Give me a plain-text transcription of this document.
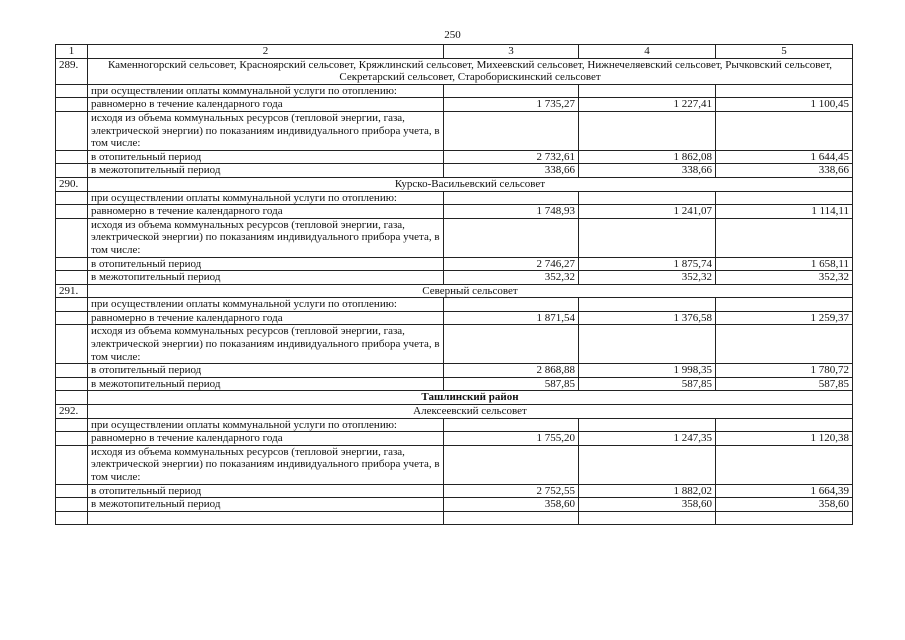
250
1	2	3	4	5
289.	Каменногорский сельсовет, Красноярский сельсовет, Кряжлинский сельсовет, Михеевский сельсовет, Нижнечеляевский сельсовет, Рычковский сельсовет, Секретарский сельсовет, Староборискинский сельсовет			
	при осуществлении оплаты коммунальной услуги по отоплению:			
	равномерно в течение календарного года	1 735,27	1 227,41	1 100,45
	исходя из объема коммунальных ресурсов (тепловой энергии, газа, электрической энергии) по показаниям индивидуального прибора учета, в том числе:			
	в отопительный период	2 732,61	1 862,08	1 644,45
	в межотопительный период	338,66	338,66	338,66
290.	Курско-Васильевский сельсовет			
	при осуществлении оплаты коммунальной услуги по отоплению:			
	равномерно в течение календарного года	1 748,93	1 241,07	1 114,11
	исходя из объема коммунальных ресурсов (тепловой энергии, газа, электрической энергии) по показаниям индивидуального прибора учета, в том числе:			
	в отопительный период	2 746,27	1 875,74	1 658,11
	в межотопительный период	352,32	352,32	352,32
291.	Северный сельсовет			
	при осуществлении оплаты коммунальной услуги по отоплению:			
	равномерно в течение календарного года	1 871,54	1 376,58	1 259,37
	исходя из объема коммунальных ресурсов (тепловой энергии, газа, электрической энергии) по показаниям индивидуального прибора учета, в том числе:			
	в отопительный период	2 868,88	1 998,35	1 780,72
	в межотопительный период	587,85	587,85	587,85
	Ташлинский район			
292.	Алексеевский сельсовет			
	при осуществлении оплаты коммунальной услуги по отоплению:			
	равномерно в течение календарного года	1 755,20	1 247,35	1 120,38
	исходя из объема коммунальных ресурсов (тепловой энергии, газа, электрической энергии) по показаниям индивидуального прибора учета, в том числе:			
	в отопительный период	2 752,55	1 882,02	1 664,39
	в межотопительный период	358,60	358,60	358,60
